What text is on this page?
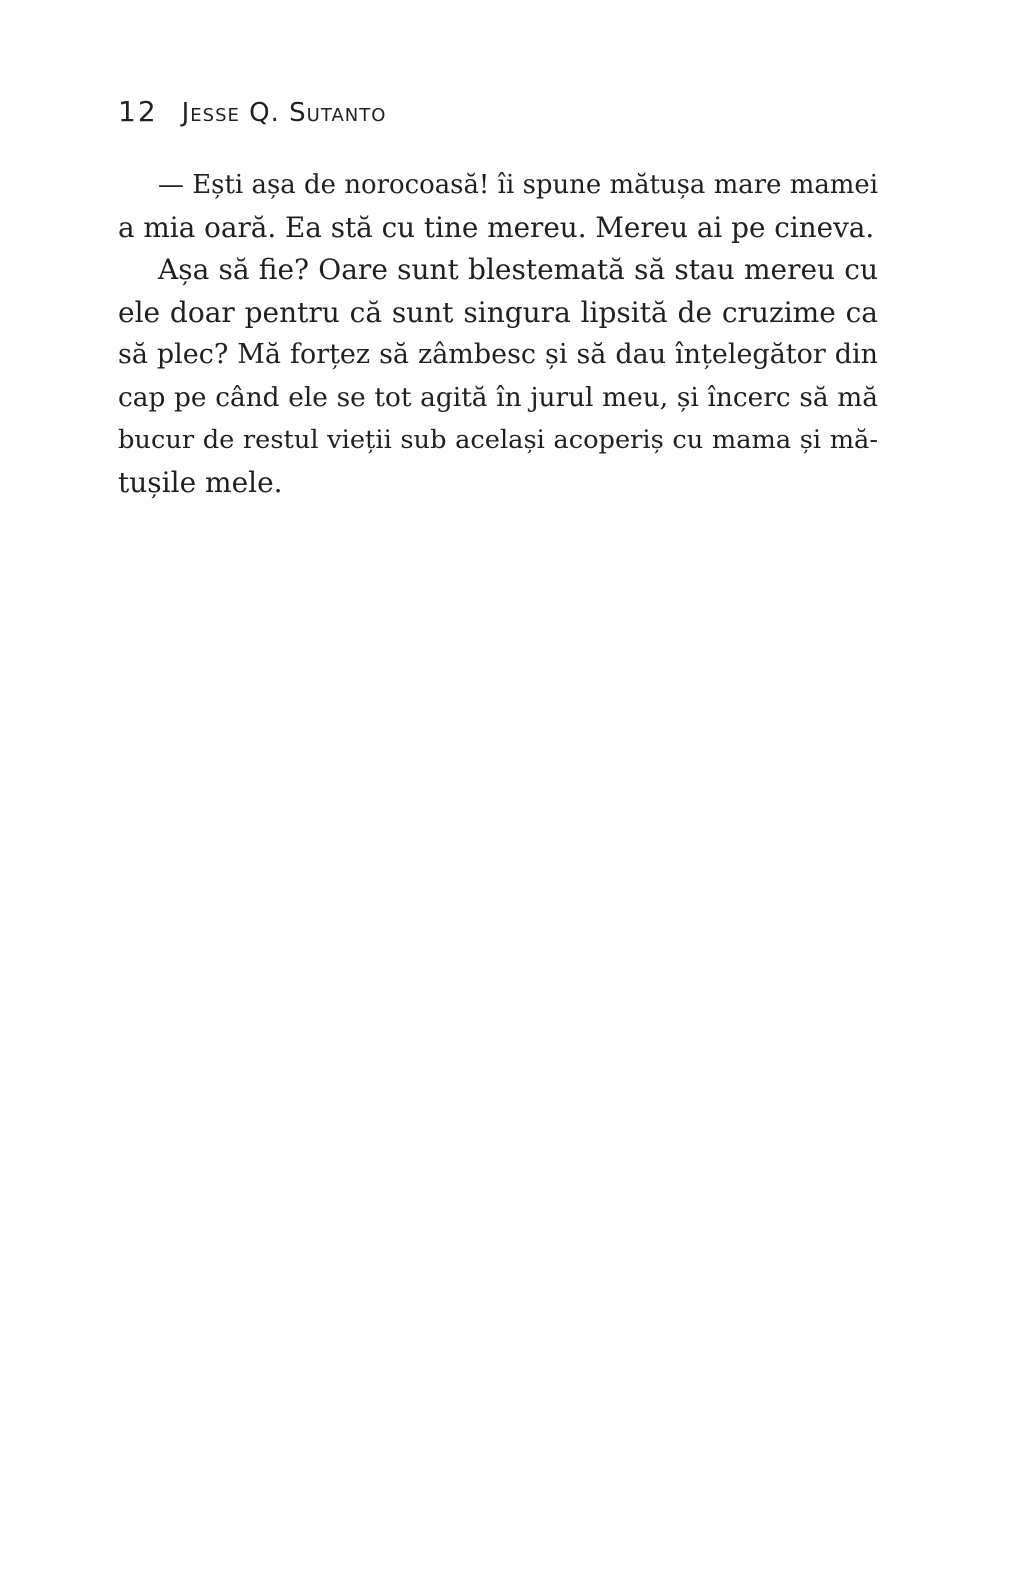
12 Jesse Q. Sutanto
— Ești așa de norocoasă! îi spune mătușa mare mamei
a mia oară. Ea stă cu tine mereu. Mereu ai pe cineva.
Așa să fie? Oare sunt blestemată să stau mereu cu
ele doar pentru că sunt singura lipsită de cruzime ca
să plec? Mă forțez să zâmbesc și să dau înțelegător din
cap pe când ele se tot agită în jurul meu, și încerc să mă
bucur de restul vieții sub același acoperiș cu mama și mă-
tușile mele.
